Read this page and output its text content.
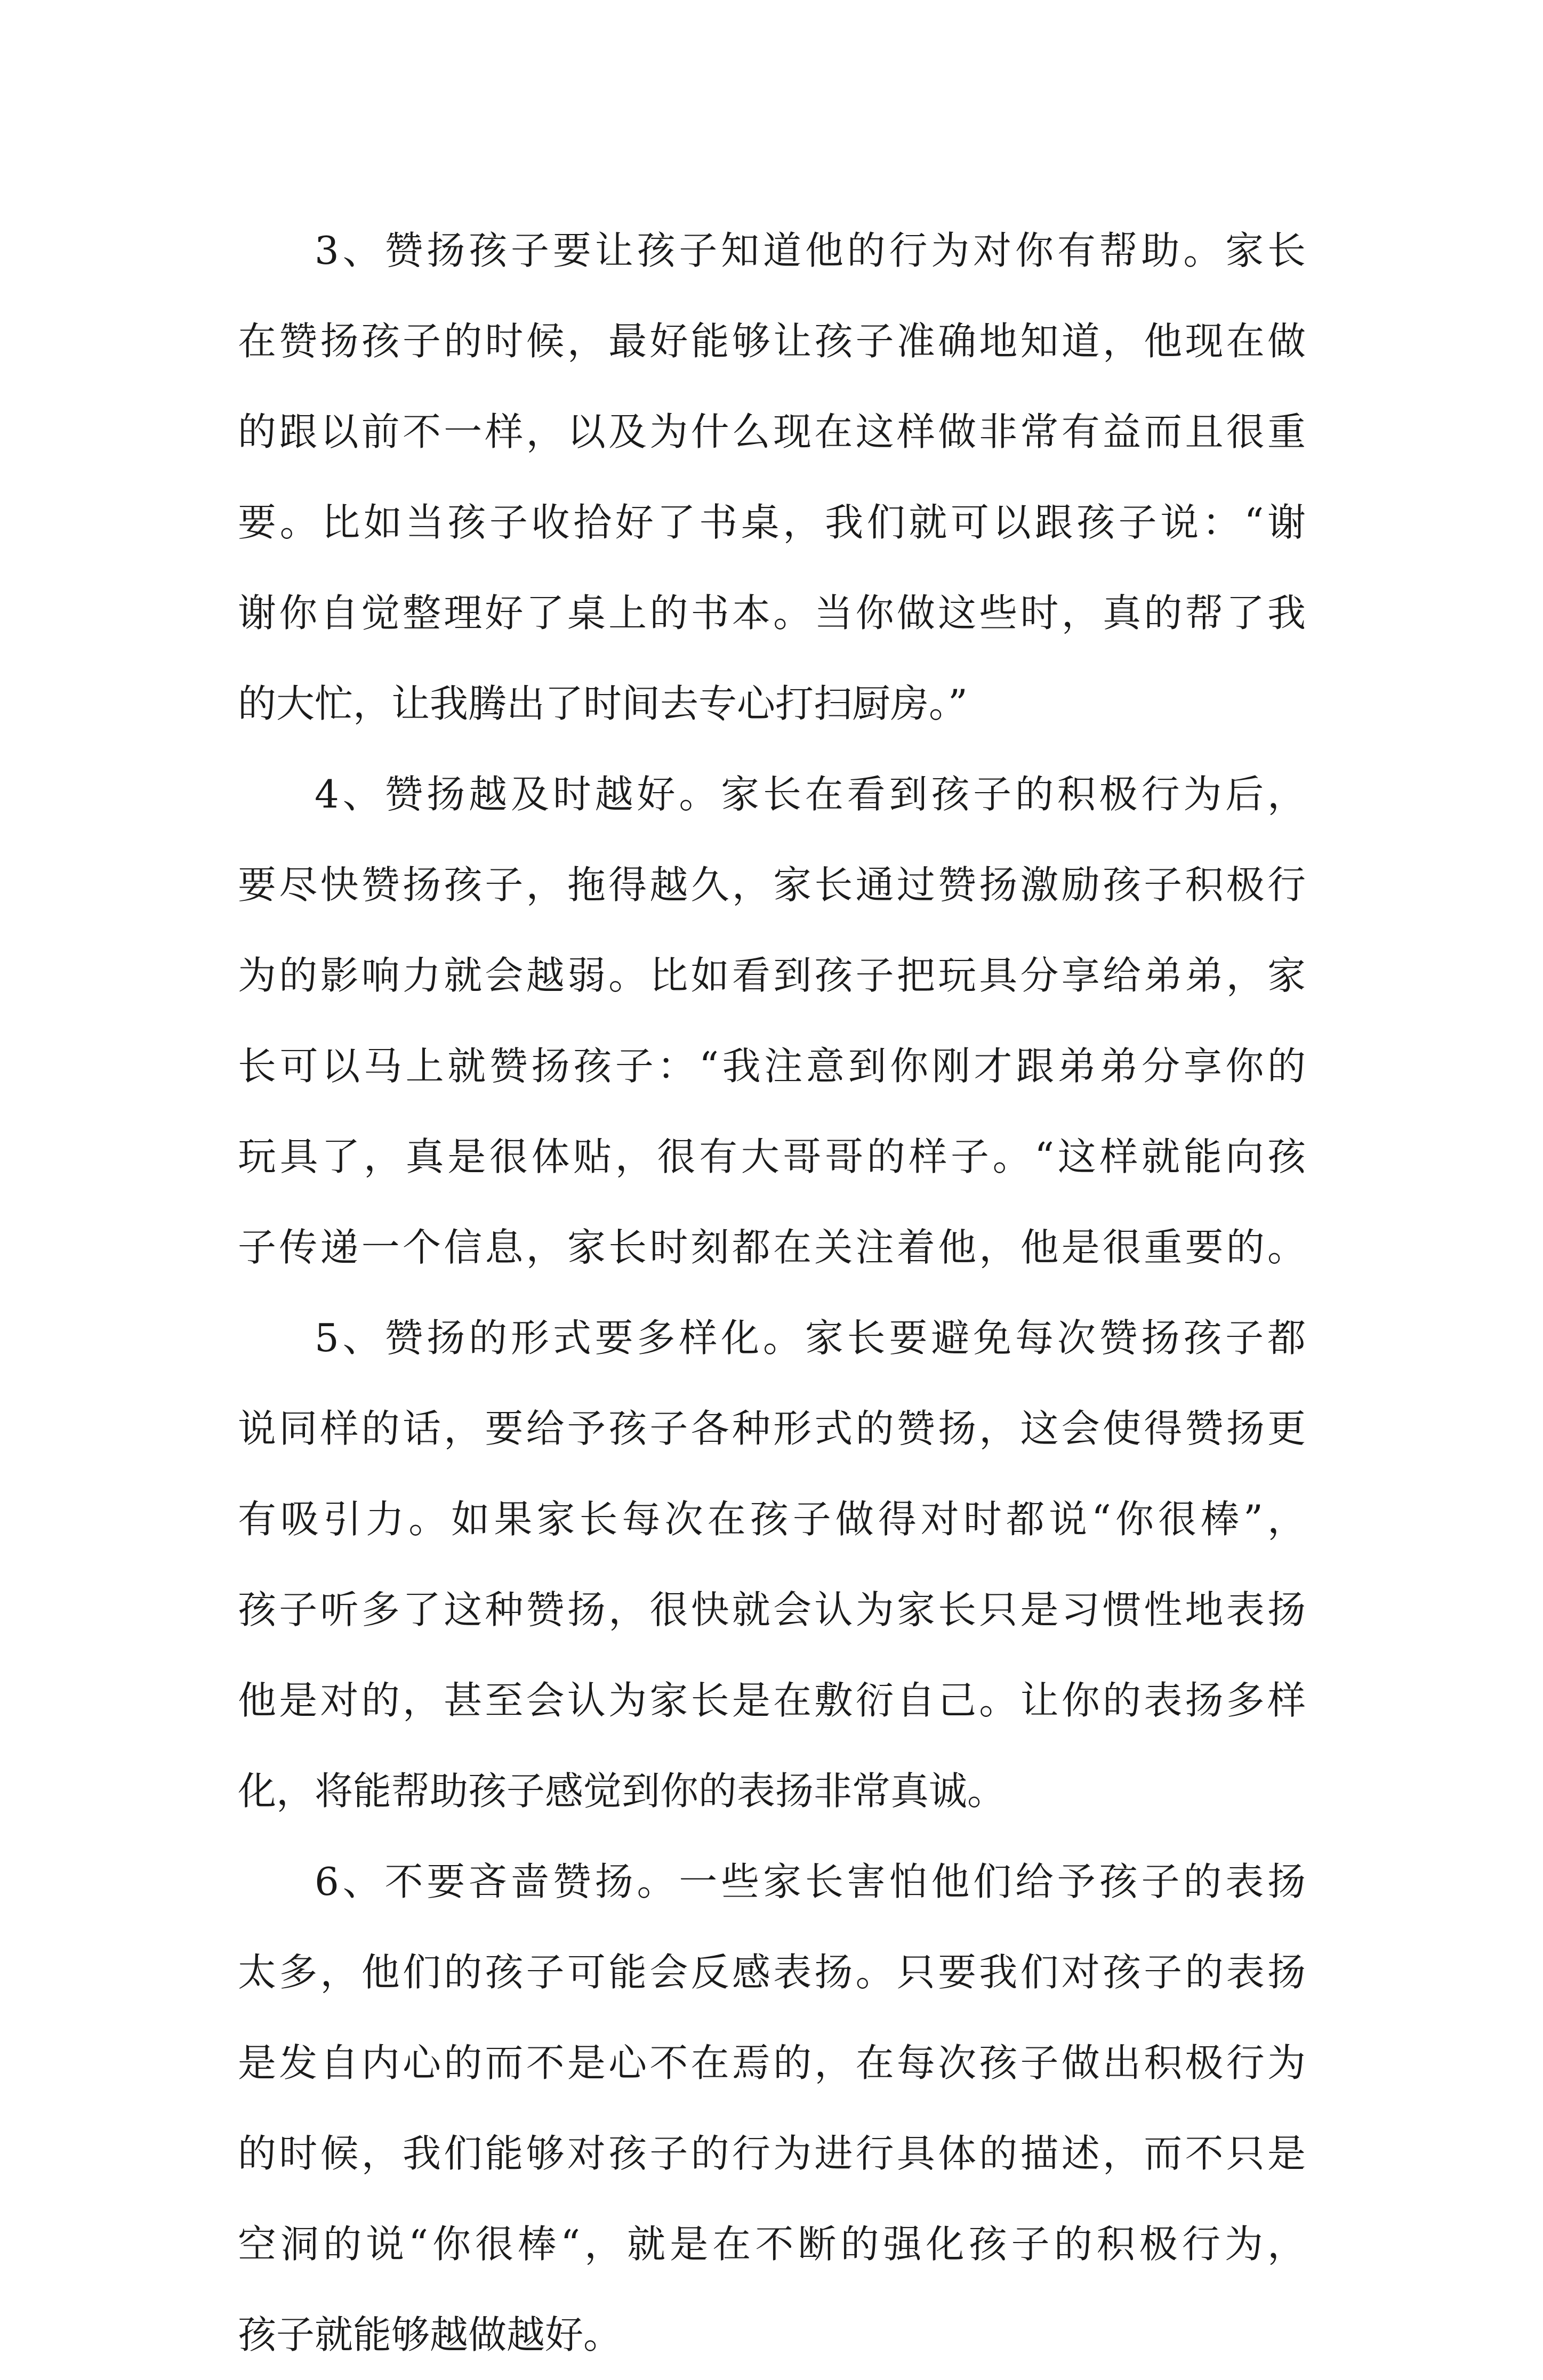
3、赞扬孩子要让孩子知道他的行为对你有帮助。家长
在赞扬孩子的时候，最好能够让孩子准确地知道，他现在做
的跟以前不一样，以及为什么现在这样做非常有益而且很重
要。比如当孩子收拾好了书桌，我们就可以跟孩子说：“谢
谢你自觉整理好了桌上的书本。当你做这些时，真的帮了我
的大忙，让我腾出了时间去专心打扫厨房。”
4、赞扬越及时越好。家长在看到孩子的积极行为后，
要尽快赞扬孩子，拖得越久，家长通过赞扬激励孩子积极行
为的影响力就会越弱。比如看到孩子把玩具分享给弟弟，家
长可以马上就赞扬孩子：“我注意到你刚才跟弟弟分享你的
玩具了，真是很体贴，很有大哥哥的样子。“这样就能向孩
子传递一个信息，家长时刻都在关注着他，他是很重要的。
5、赞扬的形式要多样化。家长要避免每次赞扬孩子都
说同样的话，要给予孩子各种形式的赞扬，这会使得赞扬更
有吸引力。如果家长每次在孩子做得对时都说“你很棒”，
孩子听多了这种赞扬，很快就会认为家长只是习惯性地表扬
他是对的，甚至会认为家长是在敷衍自己。让你的表扬多样
化，将能帮助孩子感觉到你的表扬非常真诚。
6、不要吝啬赞扬。一些家长害怕他们给予孩子的表扬
太多，他们的孩子可能会反感表扬。只要我们对孩子的表扬
是发自内心的而不是心不在焉的，在每次孩子做出积极行为
的时候，我们能够对孩子的行为进行具体的描述，而不只是
空洞的说“你很棒“，就是在不断的强化孩子的积极行为，
孩子就能够越做越好。
